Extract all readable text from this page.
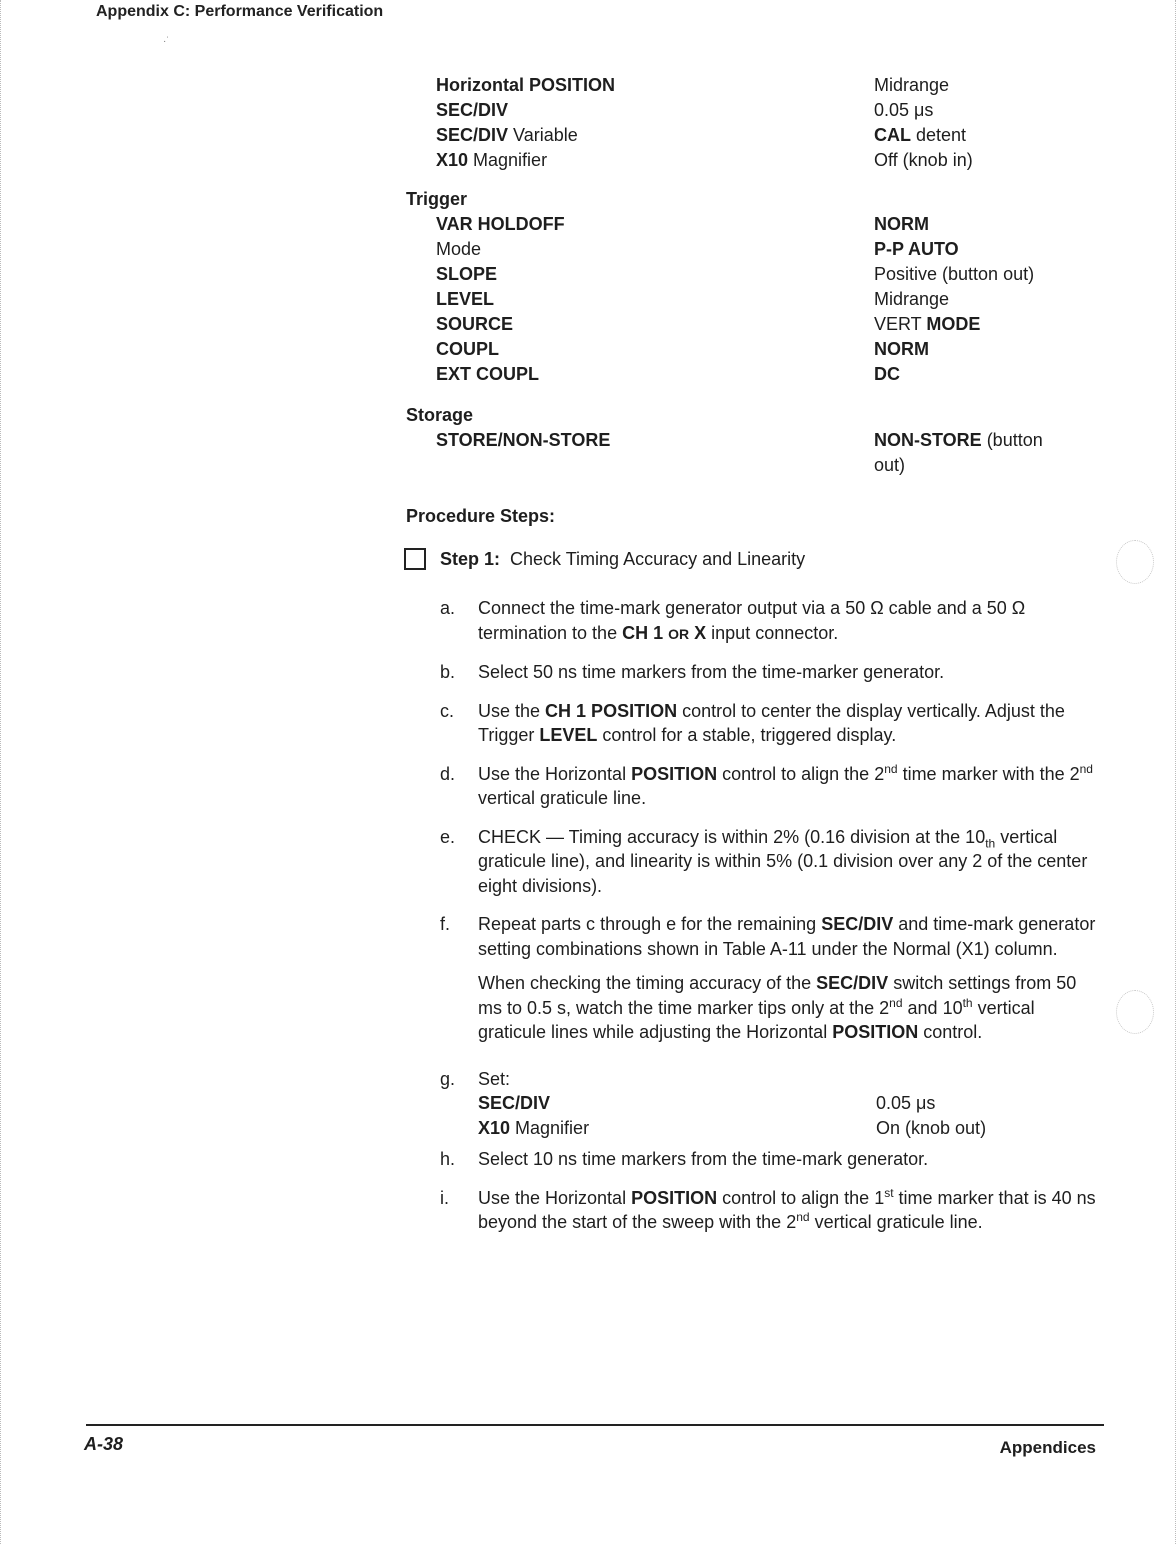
Appendix C: Performance Verification
·˙
Horizontal POSITION	Midrange
SEC/DIV	0.05 μs
SEC/DIV Variable	CAL detent
X10 Magnifier	Off (knob in)
Trigger
VAR HOLDOFF	NORM
Mode	P-P AUTO
SLOPE	Positive (button out)
LEVEL	Midrange
SOURCE	VERT MODE
COUPL	NORM
EXT COUPL	DC
Storage
STORE/NON-STORE	NON-STORE (button
out)
Procedure Steps:
Step 1:
Check Timing Accuracy and Linearity
a. Connect the time-mark generator output via a 50 Ω cable and a 50 Ω termination to the CH 1 OR X input connector.

b. Select 50 ns time markers from the time-marker generator.

c. Use the CH 1 POSITION control to center the display vertically. Adjust the Trigger LEVEL control for a stable, triggered display.

d. Use the Horizontal POSITION control to align the 2nd time marker with the 2nd vertical graticule line.

e. CHECK — Timing accuracy is within 2% (0.16 division at the $10_{th}$ vertical graticule line), and linearity is within 5% (0.1 division over any 2 of the center eight divisions).

f. Repeat parts c through e for the remaining SEC/DIV and time-mark generator setting combinations shown in Table A-11 under the Normal (X1) column.

When checking the timing accuracy of the SEC/DIV switch settings from 50 ms to 0.5 s, watch the time marker tips only at the 2nd and 10th vertical graticule lines while adjusting the Horizontal POSITION control.

g. Set:

SEC/DIV	0.05 μs
X10 Magnifier	On (knob out)
h. Select 10 ns time markers from the time-mark generator.

i. Use the Horizontal POSITION control to align the 1st time marker that is 40 ns beyond the start of the sweep with the 2nd vertical graticule line.

A-38	Appendices
